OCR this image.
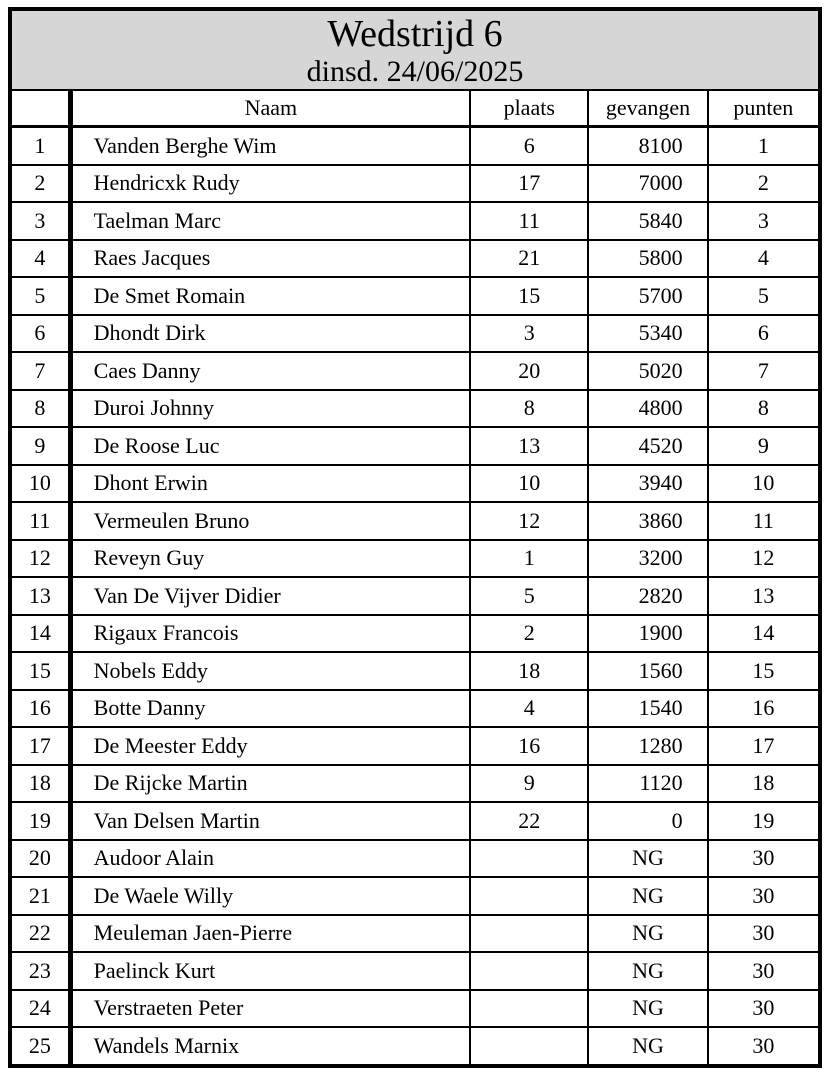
Wedstrijd 6
dinsd. 24/06/2025				

	Naam	plaats	gevangen	punten
1	Vanden Berghe Wim	6	8100	1
2	Hendricxk Rudy	17	7000	2
3	Taelman Marc	11	5840	3
4	Raes Jacques	21	5800	4
5	De Smet Romain	15	5700	5
6	Dhondt Dirk	3	5340	6
7	Caes Danny	20	5020	7
8	Duroi Johnny	8	4800	8
9	De Roose Luc	13	4520	9
10	Dhont Erwin	10	3940	10
11	Vermeulen Bruno	12	3860	11
12	Reveyn Guy	1	3200	12
13	Van De Vijver Didier	5	2820	13
14	Rigaux Francois	2	1900	14
15	Nobels Eddy	18	1560	15
16	Botte Danny	4	1540	16
17	De Meester Eddy	16	1280	17
18	De Rijcke Martin	9	1120	18
19	Van Delsen Martin	22	0	19
20	Audoor Alain		NG	30
21	De Waele Willy		NG	30
22	Meuleman Jaen-Pierre		NG	30
23	Paelinck Kurt		NG	30
24	Verstraeten Peter		NG	30
25	Wandels Marnix		NG	30
